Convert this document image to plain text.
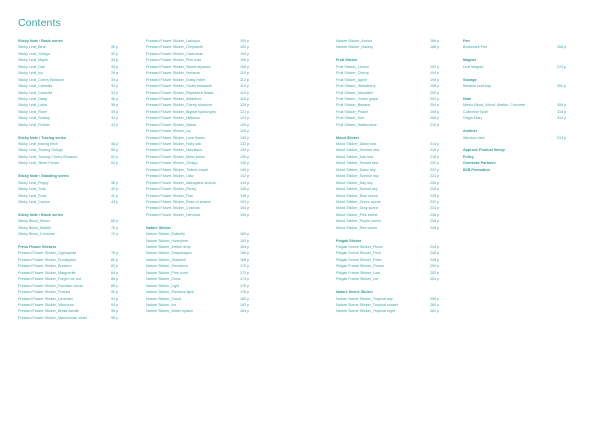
Contents
Sticky Note / Basic series
Sticky Leaf_Birch	30 p
Sticky Leaf_Ginkgo	32 p
Sticky Leaf_Maple	34 p
Sticky Leaf_Oak	35 p
Sticky Leaf_Ivy	28 p
Sticky Leaf_Cherry Blossom	30 p
Sticky Leaf_Camellia	32 p
Sticky Leaf_Camellia	34 p
Sticky Leaf_Daisy	36 p
Sticky Leaf_Lotus	38 p
Sticky Leaf_Rose	40 p
Sticky Leaf_Scallop	42 p
Sticky Leaf_Pebble	44 p
Sticky Note / Tracing series
Sticky Leaf_tracing birch	48 p
Sticky Leaf_Tracing Ginkgo	50 p
Sticky Leaf_Tracing Cherry Blossom	52 p
Sticky Leaf_Silver Flower	54 p
Sticky Note / Standing series
Sticky Leaf_Poppy	38 p
Sticky Leaf_Tulip	40 p
Sticky Leaf_Rose	42 p
Sticky Leaf_Cactus	44 p
Sticky Note / Block series
Sticky Block_Wood	68 p
Sticky Block_Marble	70 p
Sticky Block_Concrete	72 p
Press Flower Stickers
Pressed Flower Sticker_Gypsophila	78 p
Pressed Flower Sticker_Eucalyptus	80 p
Pressed Flower Sticker_Bracken	82 p
Pressed Flower Sticker_Marguerite	84 p
Pressed Flower Sticker_Forget me not	86 p
Pressed Flower Sticker_Fountain clover	88 p
Pressed Flower Sticker_Freesia	90 p
Pressed Flower Sticker_Lavender	92 p
Pressed Flower Sticker_Viburnum	94 p
Pressed Flower Sticker_Bridal wreath	96 p
Pressed Flower Sticker_Manchurian violet	98 p
Pressed Flower Sticker_Larkspur	100 p
Pressed Flower Sticker_Chrysanth	102 p
Pressed Flower Sticker_Calendula	104 p
Pressed Flower Sticker_Pink rose	106 p
Pressed Flower Sticker_Sweet alyssum	108 p
Pressed Flower Sticker_Verbena	110 p
Pressed Flower Sticker_Dusty miller	112 p
Pressed Flower Sticker_Globe amaranth	114 p
Pressed Flower Sticker_Rapeseed flower	116 p
Pressed Flower Sticker_Adiantum	118 p
Pressed Flower Sticker_Cherry blossom	120 p
Pressed Flower Sticker_Bigleaf hydrangea	122 p
Pressed Flower Sticker_Hibiscus	124 p
Pressed Flower Sticker_Salvia	126 p
Pressed Flower Sticker_Ivy	128 p
Pressed Flower Sticker_Lace flower	130 p
Pressed Flower Sticker_Holly oak	132 p
Pressed Flower Sticker_Narcissus	134 p
Pressed Flower Sticker_Moss phlox	136 p
Pressed Flower Sticker_Ginkgo	138 p
Pressed Flower Sticker_Trident maple	140 p
Pressed Flower Sticker_Lilac	142 p
Pressed Flower Sticker_Astragalus sinicus	144 p
Pressed Flower Sticker_Pansy	146 p
Pressed Flower Sticker_Flax	148 p
Pressed Flower Sticker_Rose of sharon	152 p
Pressed Flower Sticker_Cosmos	154 p
Pressed Flower Sticker_Hemlock	156 p
Nature Sticker
Nature Sticker_Butterfly	160 p
Nature Sticker_Honeybee	162 p
Nature Sticker_Amber drop	164 p
Nature Sticker_Snapdragon	166 p
Nature Sticker_Seashell	168 p
Nature Sticker_Gemstone	170 p
Nature Sticker_Pine cone	172 p
Nature Sticker_Snow	174 p
Nature Sticker_Light	176 p
Nature Sticker_Rainbow light	178 p
Nature Sticker_Cloud	180 p
Nature Sticker_Ice	182 p
Nature Sticker_Water splash	184 p
Nature Sticker_Aurora	186 p
Nature Sticker_Galaxy	188 p
Fruit Sticker
Fruit Sticker_Lemon	192 p
Fruit Sticker_Cherry	194 p
Fruit Sticker_Apple	196 p
Fruit Sticker_Strawberry	198 p
Fruit Sticker_Mandarin	200 p
Fruit Sticker_Green grape	202 p
Fruit Sticker_Banana	204 p
Fruit Sticker_Peach	206 p
Fruit Sticker_Kiwi	208 p
Fruit Sticker_Watermelon	210 p
Mood Sticker
Mood Sticker_Dawn sea	214 p
Mood Sticker_Sunrise sea	216 p
Mood Sticker_Day sea	218 p
Mood Sticker_Sunset sea	220 p
Mood Sticker_Dawn sky	222 p
Mood Sticker_Sunrise sky	224 p
Mood Sticker_Day sky	226 p
Mood Sticker_Sunset sky	228 p
Mood Sticker_Blue scene	230 p
Mood Sticker_Green scene	232 p
Mood Sticker_Gray scene	234 p
Mood Sticker_Pink scene	236 p
Mood Sticker_Purple scene	238 p
Mood Sticker_Red scene	240 p
Pidgak Sticker
Pidgak Scene Sticker_Picnic	244 p
Pidgak Scene Sticker_Park	246 p
Pidgak Scene Sticker_River	248 p
Pidgak Frame Sticker_Flower	250 p
Pidgak Frame Sticker_Leaf	252 p
Pidgak Frame Sticker_Ice	254 p
Nature Scene Sticker
Nature Scene Sticker_Tropical day	258 p
Nature Scene Sticker_Tropical sunset	260 p
Nature Scene Sticker_Tropical night	262 p
Pen
Bookmark Pen	266 p
Magnet
Leaf Magnet	274 p
Storage
Banana Leaf tray	300 p
Note
Memo Block_Wood, Marble, Concrete	308 p
Collective Note	310 p
Origin Diary	312 p
Another
Window view	314 p
Approve Product lineup
Policy
Overseas Partners
B2B Promotion
